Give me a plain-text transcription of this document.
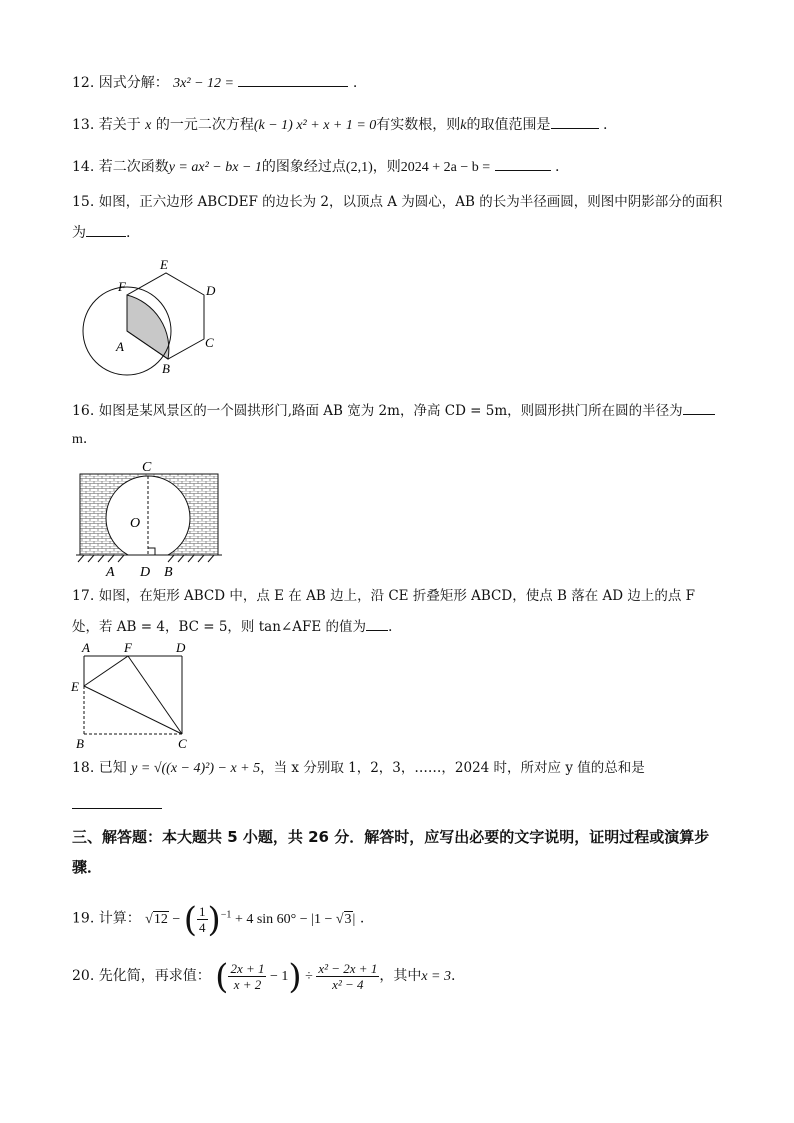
12. 因式分解： 3x² − 12 =	.
13. 若关于 x 的一元二次方程(k − 1) x² + x + 1 = 0有实数根，则k的取值范围是	.
14. 若二次函数y = ax² − bx − 1的图象经过点(2,1)，则2024 + 2a − b =	.
15. 如图，正六边形 ABCDEF 的边长为 2，以顶点 A 为圆心，AB 的长为半径画圆，则图中阴影部分的面积
为	.
F
E
D
C
A
B
16. 如图是某风景区的一个圆拱形门,路面 AB 宽为 2m，净高 CD = 5m，则圆形拱门所在圆的半径为
m.
C
O
A D B
17. 如图，在矩形 ABCD 中，点 E 在 AB 边上，沿 CE 折叠矩形 ABCD，使点 B 落在 AD 边上的点 F
处，若 AB = 4，BC = 5，则 tan∠AFE 的值为 .
A	F	D
E
B	C
18. 已知 y = √((x − 4)²) − x + 5，当 x 分别取 1，2，3，……，2024 时，所对应 y 值的总和是
三、解答题：本大题共 5 小题，共 26 分．解答时，应写出必要的文字说明，证明过程或演算步骤．
19. 计算： √12 − ( $\frac{1}{4} )^{-1} + 4$ sin 60° − |1 − √3| .
20. 先化简，再求值： ( $\frac{2x + 1}{x + 2} - 1) \div \frac{\text{x² − 2x + 1}}{\text{x² − 4}}$ ，其中x = 3.
